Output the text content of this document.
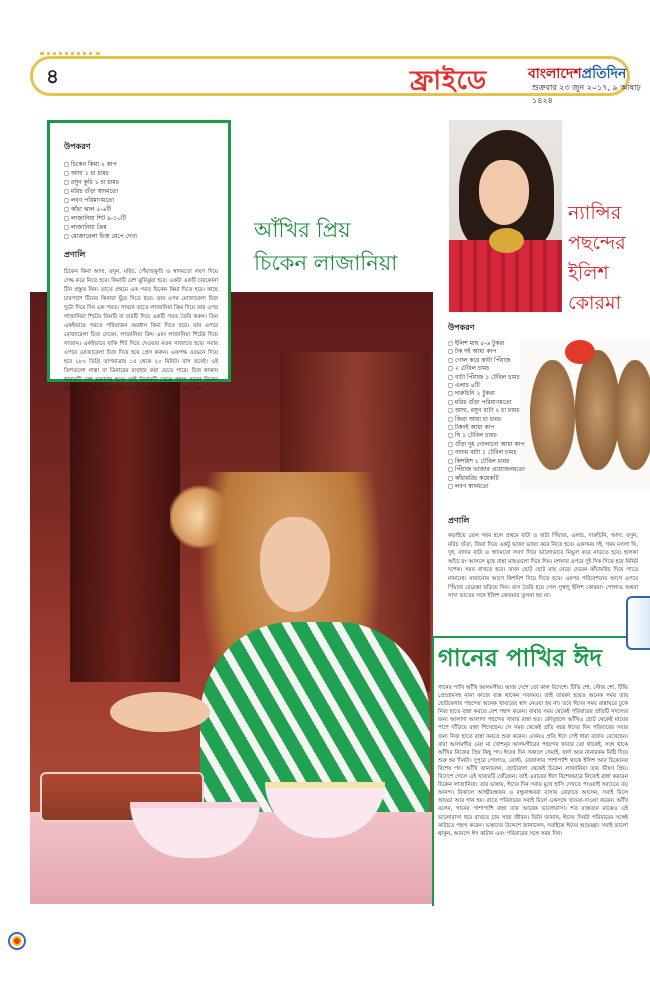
৪	ফ্রাইডে	বাংলাদেশপ্রতিদিন
শুক্রবার ২৩ জুন ২০১৭, ৯ আষাঢ় ১৪২৪
উপকরণ
◻ চিকেন কিমা ২ কাপ
◻ আদা ১ চা চামচ
◻ রসুন কুচি ১ চা চামচ
◻ মরিচ গুঁড়া স্বাদমতো
◻ লবণ পরিমাণমতো
◻ কাঁচা ঝাল ৫-৬টি
◻ লাজানিয়া শিট ৯-১০টি
◻ লাজানিয়া ক্রিম
◻ মোজারেলা চিজ মেপে দেখা
প্রণালি

চিকেন কিমা আদা, রসুন, মরিচ, পেঁয়াজকুচি ও স্বাদমতো লবণ দিয়ে সেদ্ধ করে নিতে হবে। কিমাটি বেশ ঝুরিঝুরা হবে। একটা একটি চারকোনা টিন প্রস্তুত নিন। তাতে প্রথমে এক পরত চিকেন কিমা দিতে হবে। কাছে চারপাশে টিনের কিনারা ছুঁয়ে দিতে হবে। তার ওপর মোজারেলা চিজ দুটো দিয়ে দিন এক পরত। সামনে তাতে লাজানিয়া ক্রিম দিয়ে তার ওপর লাজানিয়া শিটের তিনটি বা চারটি দিয়ে একটি পরত তৈরি করুন। তিন একইভাবে পরতে পরিয়াজন অবধান কিমা দিতে হবে। তার ওপরে মোজারেলা চিজ দেবেন, লাজানিয়া ক্রিম এবং লাজানিয়া শিটের দিয়ে সাজান। একইভাবে বাকি শিট দিয়ে দেওয়ার মতন সাজাতে হবে। সবার ওপরে মোজারেলা চিজ দিয়ে হয়ে প্রেস করুন। একপক্ষ ওভেনে দিয়ে হবে ১৮০ ডিগ্রি তাপমাত্রায় ১৫ থেকে ২০ মিনিট। বাস তবেই। এই ডিশগুলো নাস্তা বা ডিনারের ব্যবহার করা যেতে পারে। চিজ থাকায় খাবারটি বেশ মজাদার হবে। তাই ডিনারটি খেতে পছন্দ করেন চিকেন লাজানিয়া। আর ঈদের খাবার তিনটার ভালোবেসে এর স্বাদ নেই।

আঁখির প্রিয়
চিকেন লাজানিয়া
ন্যান্সির
পছন্দের
ইলিশ
কোরমা
উপকরণ
◻ ইলিশ মাছ ৫-৬ টুকরা
◻ টক দই আধা কাপ
◻ গোল করে কাটা পিঁয়াজ
◻ ২ টেবিল চামচ
◻ বাটা পিঁয়াজ ১ টেবিল চামচ
◻ এলাচ ৪টি
◻ দারুচিনি ২ টুকরা
◻ মরিচ গুঁড়া পরিমাণমতো
◻ আদা, রসুন বাটা ২ চা চামচ
◻ জিরা আধা চা চামচ
◻ টকদই আধা কাপ
◻ ঘি ১ টেবিল চামচ
◻ গুঁড়া দুধ গোলানো আধা কাপ
◻ বাদাম বাটা ১ টেবিল চামচ
◻ কিশমিশ ১ টেবিল চামচ
◻ পিঁয়াজ ভাজার প্রয়োজনমতো
◻ কাঁচামরিচ কয়েকটি
◻ লবণ স্বাদমতো
প্রণালি

কড়াইয়ে তেল গরম হলে প্রথমে বাটা ও বাটা পিঁয়াজ, এলাচ, দারুচিনি, আদা, রসুন, মরিচ গুঁড়া, জিরা দিয়ে একটু ভাজা ভাজা করে নিতে হবে। একসময় দই, গরম মসলা ঘি, দুধ, বাদাম বাটা ও স্বাদমতো লবণ দিয়ে ভালোভাবে নিভুল করে নাড়তে হবে। হালকা আঁচে রং আসলে মুছে রান্না মাছগুলো দিয়ে দিন। মশলার ওপরে দুই দিক দিতে হবে মিনিট দশেক। সময় রাখতে হবে। তখন ছোট ছোট মাছ নেড়ে দেবেন কাঁচামরিচ দিয়ে পাত্রে নামানো। নামানোর আগে কিশমিশ দিয়ে দিতে হবে। এরপর পরিবেশনের আগে ওপরে পিঁয়াজ বেরেস্তা ছড়িয়ে দিন। ব্যস তৈরি হয়ে গেল সুস্বাদু ইলিশ কোরমা। পোলাও অথবা সাদা ভাতের সঙ্গে ইলিশ কোরমার তুলনা হয় না।

গানের পাখির ঈদ

গানের পাখি আঁখি আলমগীর। আজ দেশে তো কাল বিদেশে। টিভি শো, স্টেজ শো, টিভি প্রোগ্রামসহ নানা কাজে ব্যস্ত থাকেন সবসময়। তাই তারকা হয়েও অনেক সময় তার ছোটবেলার পছন্দের অনেক খাবারের স্বাদ নেওয়া হয় না। তবে ঈদের সময় রান্নাঘরে ঢুকে নিজ হাতে রান্না করতে বেশ পছন্দ করেন। বাবার সময় থেকেই পরিবারের প্রতিটি সদস্যের জন্য আলাদা আলাদা পছন্দের খাবার রান্না হত। কৌতূহলে আঁখিও ছোট থেকেই মায়ের পাশে দাঁড়িয়ে রান্না শিখেছেন। সে সময় থেকেই প্রতি বছর ঈদের দিন পরিবারের সবার জন্য নিজ হাতে রান্না করতে শুরু করেন। এখনও প্রতি ঈদে সেই ধারা বজায় রেখেছেন। বাবা আলমগীর এবং মা খোশনূর আলমগীরের পছন্দের খাবার তো থাকেই, সঙ্গে থাকে আঁখির নিজের প্রিয় কিছু পদ। ঈদের দিন সকালে সেমাই, জর্দা আর নানারকম মিষ্টি দিয়ে শুরু হয় দিনটা। দুপুরে পোলাও, রোস্ট, রেজালার পাশাপাশি থাকে ইলিশ আর চিকেনের বিশেষ পদ। আঁখি জানালেন, ছোটবেলা থেকেই চিকেন লাজানিয়া তার ভীষণ প্রিয়। বিদেশে গেলে এই খাবারটি খোঁজেন। তাই এবারের ঈদে বিশেষভাবে নিজেই রান্না করবেন চিকেন লাজানিয়া। তার ভাষায়, ঈদের দিন সবার মুখে হাসি দেখতে পাওয়াই সবচেয়ে বড় আনন্দ। বিকালে আত্মীয়স্বজন ও বন্ধুবান্ধবরা বাসায় বেড়াতে আসেন, সবাই মিলে আড্ডা আর গান হয়। রাতে পরিবারের সবাই মিলে একসঙ্গে খাওয়া-দাওয়া করেন। আঁখি বলেন, গানের পাশাপাশি রান্না তার আরেক ভালোবাসা। শত ব্যস্ততার মাঝেও এই ভালোবাসা ধরে রাখতে চান সারা জীবন। তিনি জানান, ঈদের দিনটা পরিবারের সঙ্গেই কাটাতে পছন্দ করেন। ভক্তদের উদ্দেশে জানালেন, সবাইকে ঈদের শুভেচ্ছা। সবাই ভালো থাকুন, আনন্দে ঈদ কাটান এবং পরিবারের সঙ্গে সময় দিন।
